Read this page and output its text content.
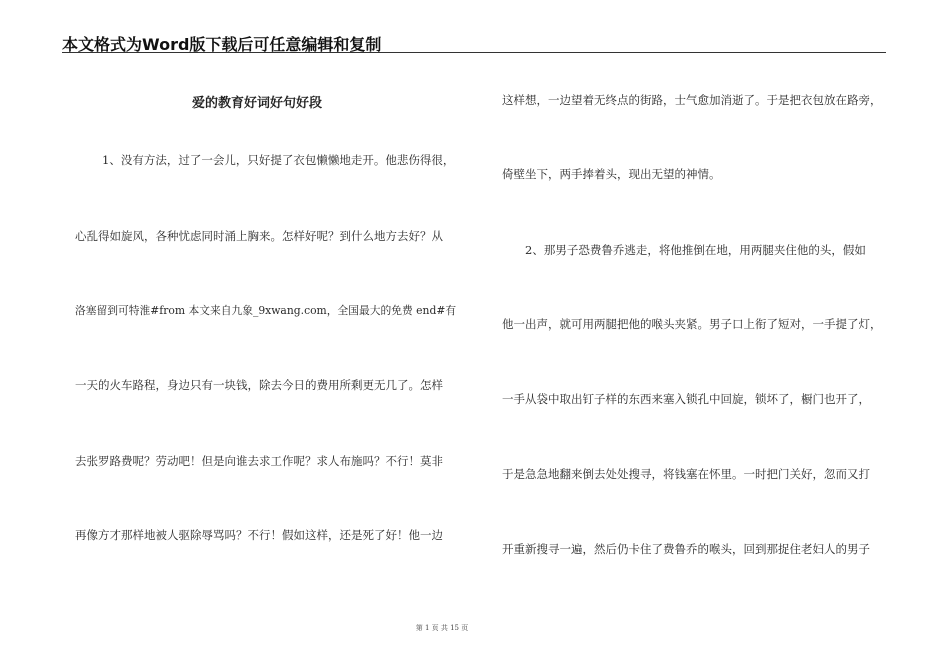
本文格式为Word版下载后可任意编辑和复制
爱的教育好词好句好段
1、没有方法，过了一会儿，只好提了衣包懒懒地走开。他悲伤得很，
心乱得如旋风，各种忧虑同时涌上胸来。怎样好呢？到什么地方去好？从
洛塞留到可特淮#from 本文来自九象_9xwang.com，全国最大的免费 end#有
一天的火车路程，身边只有一块钱，除去今日的费用所剩更无几了。怎样
去张罗路费呢？劳动吧！但是向谁去求工作呢？求人布施吗？不行！莫非
再像方才那样地被人驱除辱骂吗？不行！假如这样，还是死了好！他一边
这样想，一边望着无终点的街路，士气愈加消逝了。于是把衣包放在路旁，
倚壁坐下，两手捧着头，现出无望的神情。
2、那男子恐费鲁乔逃走，将他推倒在地，用两腿夹住他的头，假如
他一出声，就可用两腿把他的喉头夹紧。男子口上衔了短对，一手提了灯，
一手从袋中取出钉子样的东西来塞入锁孔中回旋，锁坏了，橱门也开了，
于是急急地翻来倒去处处搜寻，将钱塞在怀里。一时把门关好，忽而又打
开重新搜寻一遍，然后仍卡住了费鲁乔的喉头，回到那捉住老妇人的男子
第 1 页 共 15 页
